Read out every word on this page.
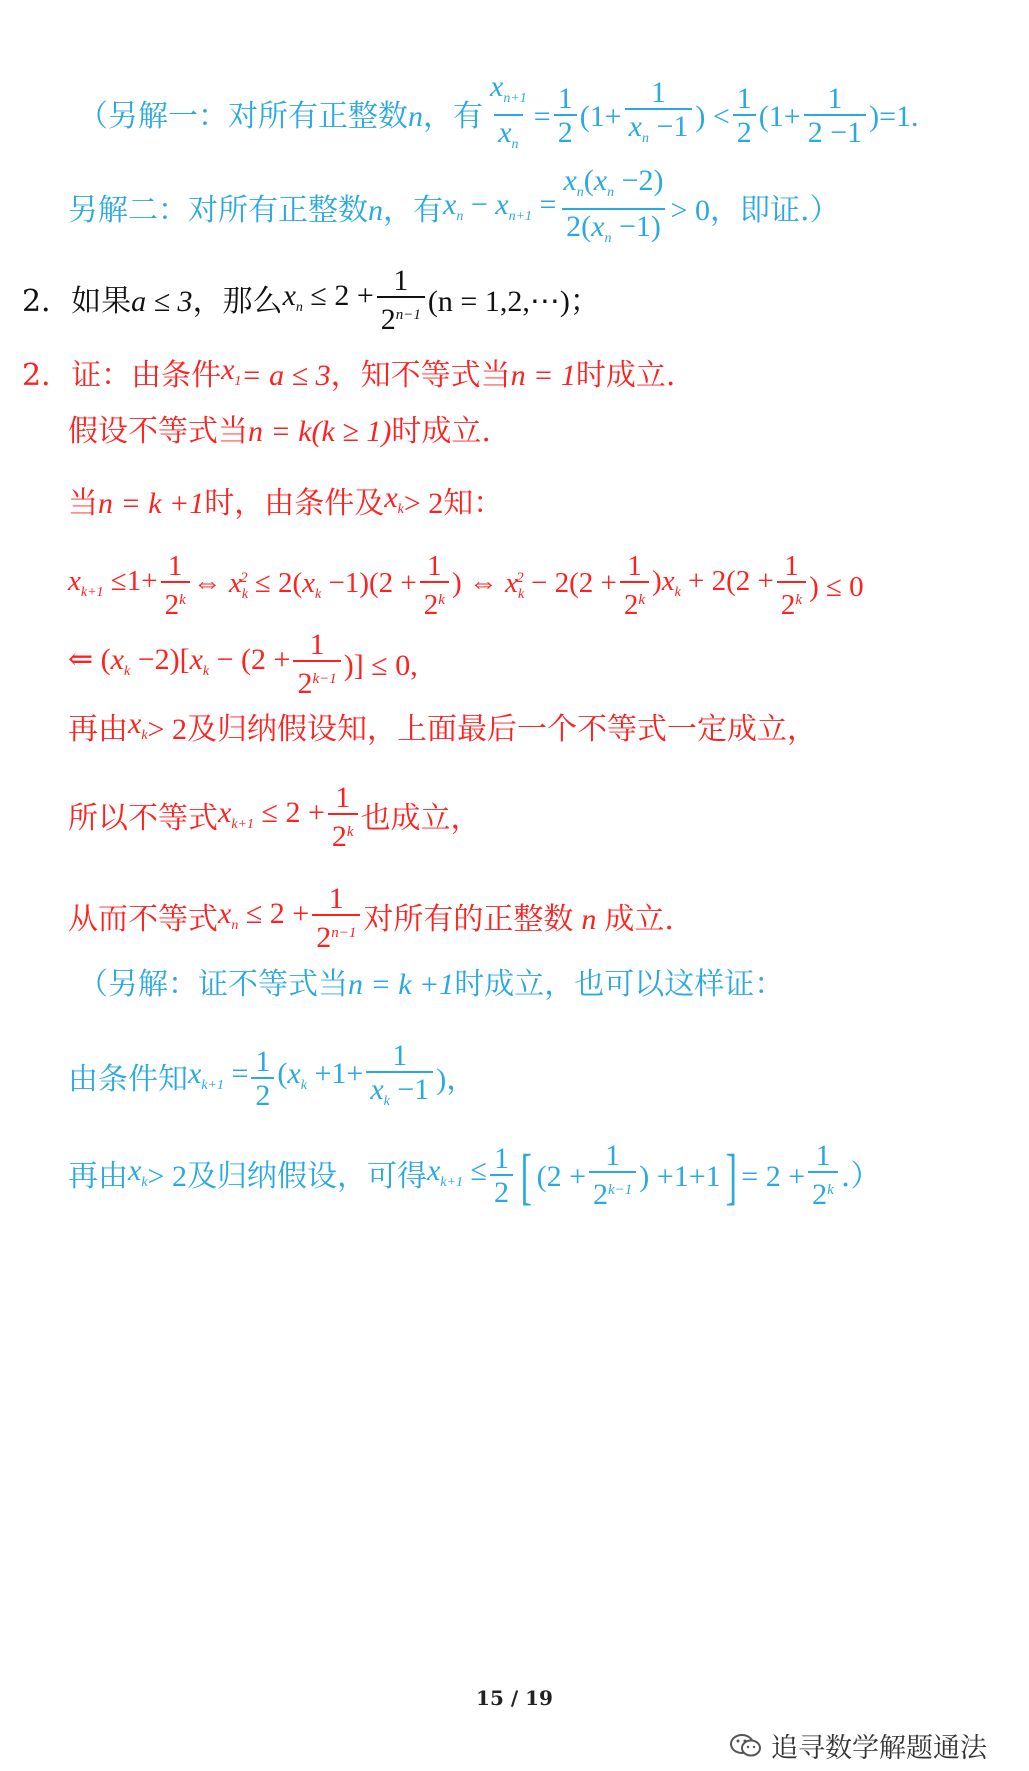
（另解一：对所有正整数 n ，有 $\frac{x_{n+1}}{x_n} = \frac{1}{2} (1+ \frac{1}{x_n -1}$ ) < $\frac{1}{2} (1+ \frac{1}{2 -1}$ ) =1.
另解二：对所有正整数 n ，有 $x_n - x_{n+1} = \frac{x_n(x_n -2)}{2(x_n -1)} > 0$ ，即证.）
2．如果 a ≤ 3 ，那么 $x_n \le 2 + \frac{1}{2^{n-1}} (n$ = 1,2,⋯) ；
2．证：由条件 $x_1 = a \le 3$ ，知不等式当 n = 1 时成立.
假设不等式当 n = k(k ≥ 1) 时成立.
当 n = k +1 时，由条件及 $x_k > 2$ 知：
$x_{k+1} \le 1+ \frac{1}{2^k}$ ⇔ $x_k^2 \le 2(x_k -1)(2 + \frac{1}{2^k}$ ) ⇔ $x_k^2 - 2(2 + \frac{1}{2^k} )x_k + 2(2 + \frac{1}{2^k}$ ) ≤ 0
⇐ $(x_k -2)[x_k - (2 + \frac{1}{2^{k-1}}$ )] ≤ 0,
再由 $x_k > 2$ 及归纳假设知，上面最后一个不等式一定成立，
所以不等式 $x_{k+1} \le 2 + \frac{1}{2^k}$ 也成立，
从而不等式 $x_n \le 2 + \frac{1}{2^{n-1}}$ 对所有的正整数 n 成立.
（另解：证不等式当 n = k +1 时成立，也可以这样证：
由条件知 $x_{k+1} = \frac{1}{2} (x_k +1+ \frac{1}{x_k -1}$ ) ，
再由 $x_k > 2$ 及归纳假设，可得 $x_{k+1} \le \frac{1}{2}$ [ ($2 + \frac{1}{2^{k-1}}$ ) +1+1 ] = $2 + \frac{1}{2^k}$ .）
15 / 19
追寻数学解题通法
